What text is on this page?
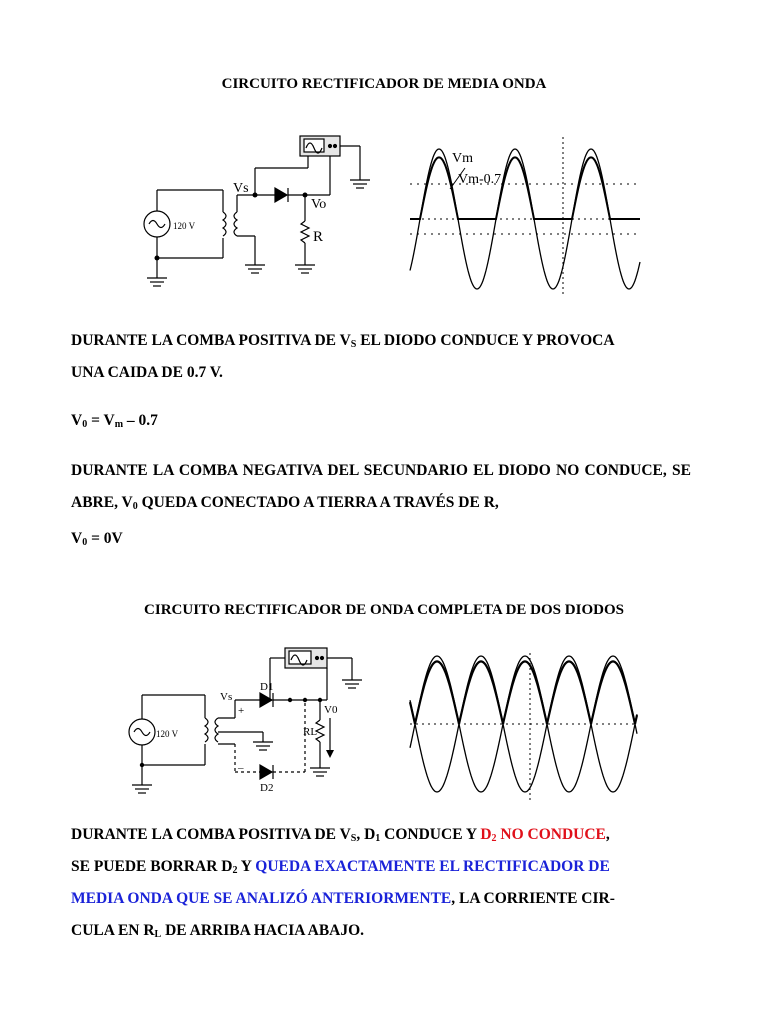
CIRCUITO RECTIFICADOR DE MEDIA ONDA
120 V
Vs
Vo
R
Vm
Vm-0.7
DURANTE LA COMBA POSITIVA DE $V_S$ EL DIODO CONDUCE Y PROVOCA
UNA CAIDA DE 0.7 V.
$V_0 = V_m - 0.7$
DURANTE LA COMBA NEGATIVA DEL SECUNDARIO EL DIODO NO CONDUCE, SE ABRE, $V_0$ QUEDA CONECTADO A TIERRA A TRAVÉS DE R,
$V_0 = 0V$
CIRCUITO RECTIFICADOR DE ONDA COMPLETA DE DOS DIODOS
120 V
Vs
+
–
D1
D2
V0
RL
DURANTE LA COMBA POSITIVA DE $V_S$, $D_1$ CONDUCE Y $D_2$ NO CONDUCE,
SE PUEDE BORRAR $D_2$ Y QUEDA EXACTAMENTE EL RECTIFICADOR DE
MEDIA ONDA QUE SE ANALIZÓ ANTERIORMENTE, LA CORRIENTE CIR-
CULA EN $R_L$ DE ARRIBA HACIA ABAJO.
